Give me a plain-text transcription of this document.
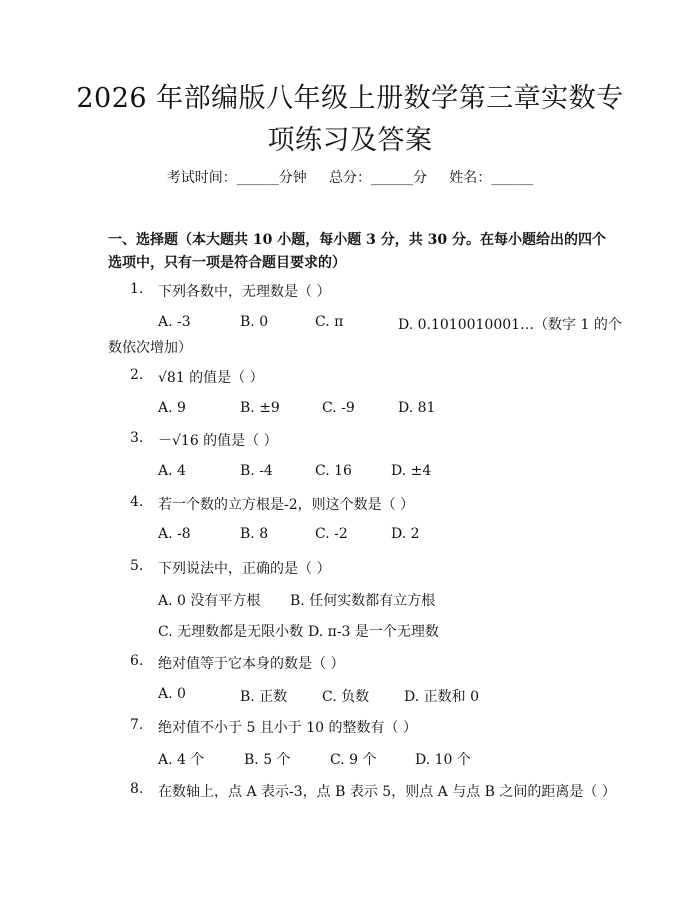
2026 年部编版八年级上册数学第三章实数专
项练习及答案
考试时间：______分钟     总分：______分     姓名：______
一、选择题（本大题共 10 小题，每小题 3 分，共 30 分。在每小题给出的四个选项中，只有一项是符合题目要求的）
1. 下列各数中，无理数是（ ）
A. -3	B. 0	C. π	D. 0.1010010001…（数字 1 的个
数依次增加）
2. √81 的值是（ ）
A. 9	B. ±9	C. -9	D. 81
3. －√16 的值是（ ）
A. 4	B. -4	C. 16	D. ±4
4. 若一个数的立方根是-2，则这个数是（ ）
A. -8	B. 8	C. -2	D. 2
5. 下列说法中，正确的是（ ）
A. 0 没有平方根 B. 任何实数都有立方根
C. 无理数都是无限小数 D. π-3 是一个无理数
6. 绝对值等于它本身的数是（ ）
A. 0	B. 正数 C. 负数 D. 正数和 0
7. 绝对值不小于 5 且小于 10 的整数有（ ）
A. 4 个	B. 5 个	C. 9 个	D. 10 个
8. 在数轴上，点 A 表示-3，点 B 表示 5，则点 A 与点 B 之间的距离是（ ）
